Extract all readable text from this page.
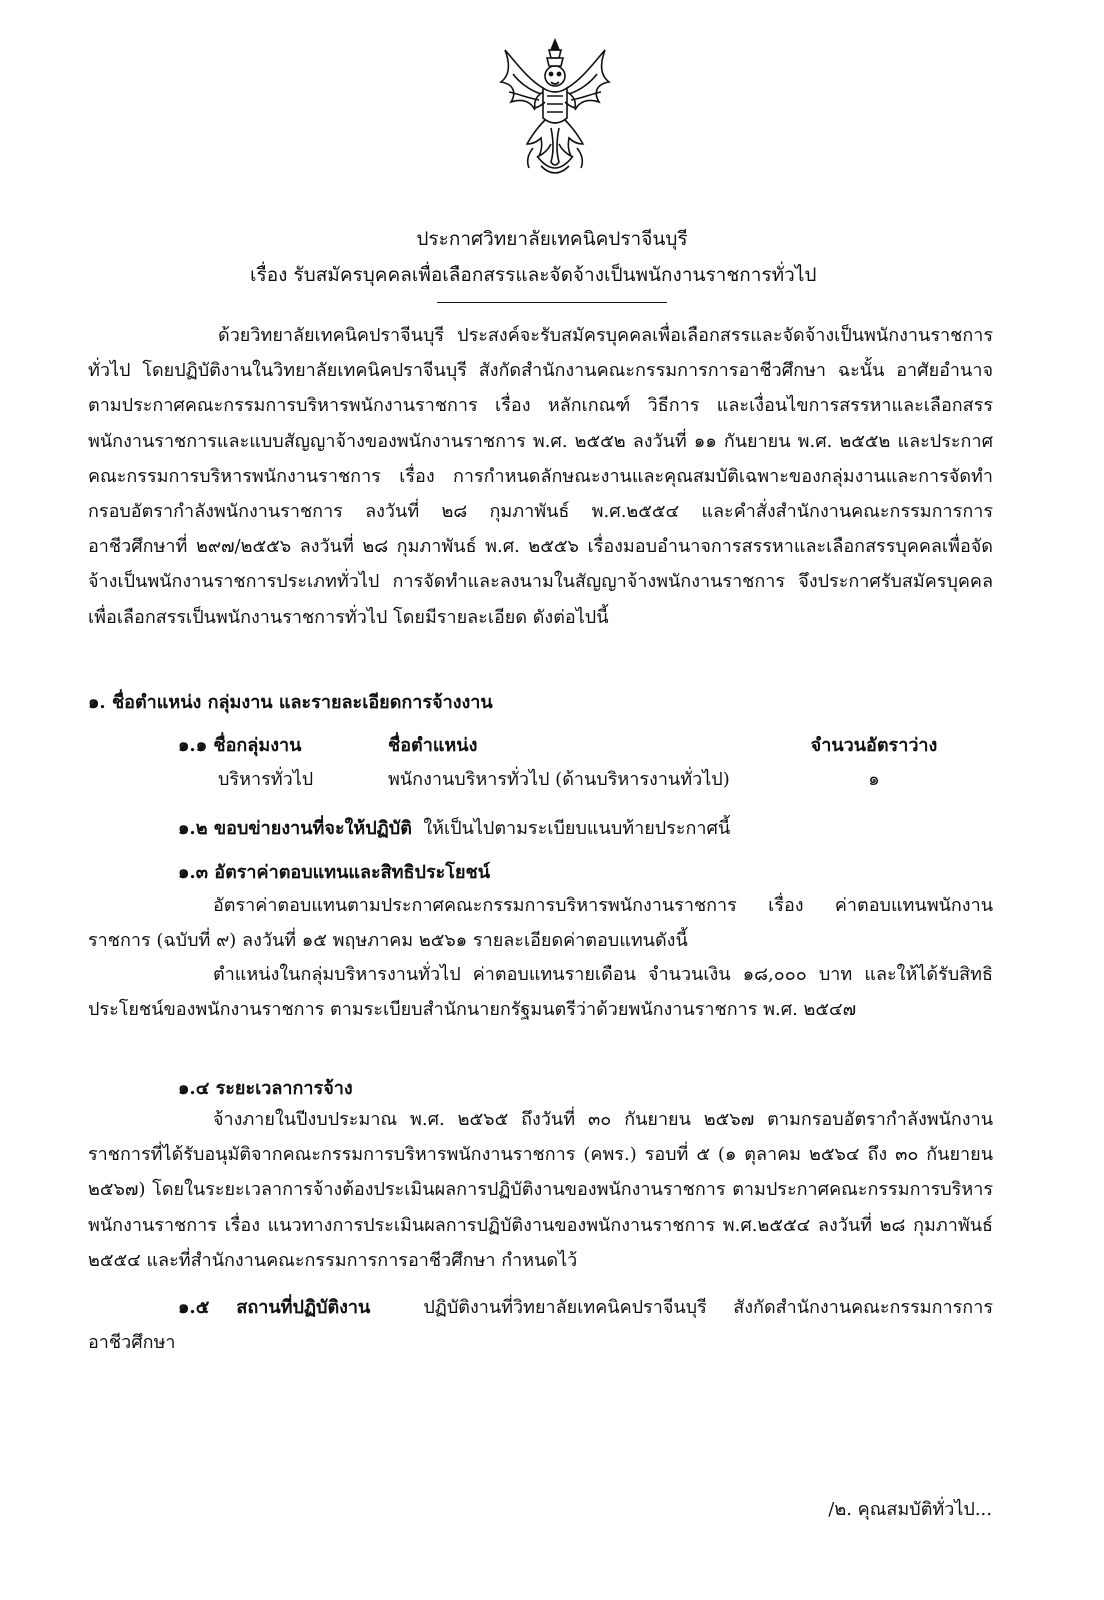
ประกาศวิทยาลัยเทคนิคปราจีนบุรี
เรื่อง รับสมัครบุคคลเพื่อเลือกสรรและจัดจ้างเป็นพนักงานราชการทั่วไป
ด้วยวิทยาลัยเทคนิคปราจีนบุรี ประสงค์จะรับสมัครบุคคลเพื่อเลือกสรรและจัดจ้างเป็นพนักงานราชการทั่วไป โดยปฏิบัติงานในวิทยาลัยเทคนิคปราจีนบุรี สังกัดสำนักงานคณะกรรมการการอาชีวศึกษา ฉะนั้น อาศัยอำนาจตามประกาศคณะกรรมการบริหารพนักงานราชการ เรื่อง หลักเกณฑ์ วิธีการ และเงื่อนไขการสรรหาและเลือกสรรพนักงานราชการและแบบสัญญาจ้างของพนักงานราชการ พ.ศ. ๒๕๕๒ ลงวันที่ ๑๑ กันยายน พ.ศ. ๒๕๕๒ และประกาศคณะกรรมการบริหารพนักงานราชการ เรื่อง การกำหนดลักษณะงานและคุณสมบัติเฉพาะของกลุ่มงานและการจัดทำกรอบอัตรากำลังพนักงานราชการ ลงวันที่ ๒๘ กุมภาพันธ์ พ.ศ.๒๕๕๔ และคำสั่งสำนักงานคณะกรรมการการอาชีวศึกษาที่ ๒๙๗/๒๕๕๖ ลงวันที่ ๒๘ กุมภาพันธ์ พ.ศ. ๒๕๕๖ เรื่องมอบอำนาจการสรรหาและเลือกสรรบุคคลเพื่อจัดจ้างเป็นพนักงานราชการประเภททั่วไป การจัดทำและลงนามในสัญญาจ้างพนักงานราชการ จึงประกาศรับสมัครบุคคลเพื่อเลือกสรรเป็นพนักงานราชการทั่วไป โดยมีรายละเอียด ดังต่อไปนี้
๑. ชื่อตำแหน่ง กลุ่มงาน และรายละเอียดการจ้างงาน
๑.๑ ชื่อกลุ่มงาน	ชื่อตำแหน่ง	จำนวนอัตราว่าง
บริหารทั่วไป	พนักงานบริหารทั่วไป (ด้านบริหารงานทั่วไป)	๑
๑.๒ ขอบข่ายงานที่จะให้ปฏิบัติ ให้เป็นไปตามระเบียบแนบท้ายประกาศนี้
๑.๓ อัตราค่าตอบแทนและสิทธิประโยชน์
อัตราค่าตอบแทนตามประกาศคณะกรรมการบริหารพนักงานราชการ เรื่อง ค่าตอบแทนพนักงานราชการ (ฉบับที่ ๙) ลงวันที่ ๑๕ พฤษภาคม ๒๕๖๑ รายละเอียดค่าตอบแทนดังนี้
ตำแหน่งในกลุ่มบริหารงานทั่วไป ค่าตอบแทนรายเดือน จำนวนเงิน ๑๘,๐๐๐ บาท และให้ได้รับสิทธิประโยชน์ของพนักงานราชการ ตามระเบียบสำนักนายกรัฐมนตรีว่าด้วยพนักงานราชการ พ.ศ. ๒๕๔๗
๑.๔ ระยะเวลาการจ้าง
จ้างภายในปีงบประมาณ พ.ศ. ๒๕๖๕ ถึงวันที่ ๓๐ กันยายน ๒๕๖๗ ตามกรอบอัตรากำลังพนักงานราชการที่ได้รับอนุมัติจากคณะกรรมการบริหารพนักงานราชการ (คพร.) รอบที่ ๕ (๑ ตุลาคม ๒๕๖๔ ถึง ๓๐ กันยายน ๒๕๖๗) โดยในระยะเวลาการจ้างต้องประเมินผลการปฏิบัติงานของพนักงานราชการ ตามประกาศคณะกรรมการบริหารพนักงานราชการ เรื่อง แนวทางการประเมินผลการปฏิบัติงานของพนักงานราชการ พ.ศ.๒๕๕๔ ลงวันที่ ๒๘ กุมภาพันธ์ ๒๕๕๔ และที่สำนักงานคณะกรรมการการอาชีวศึกษา กำหนดไว้
๑.๕ สถานที่ปฏิบัติงาน	ปฏิบัติงานที่วิทยาลัยเทคนิคปราจีนบุรี สังกัดสำนักงานคณะกรรมการการอาชีวศึกษา
/๒. คุณสมบัติทั่วไป...
